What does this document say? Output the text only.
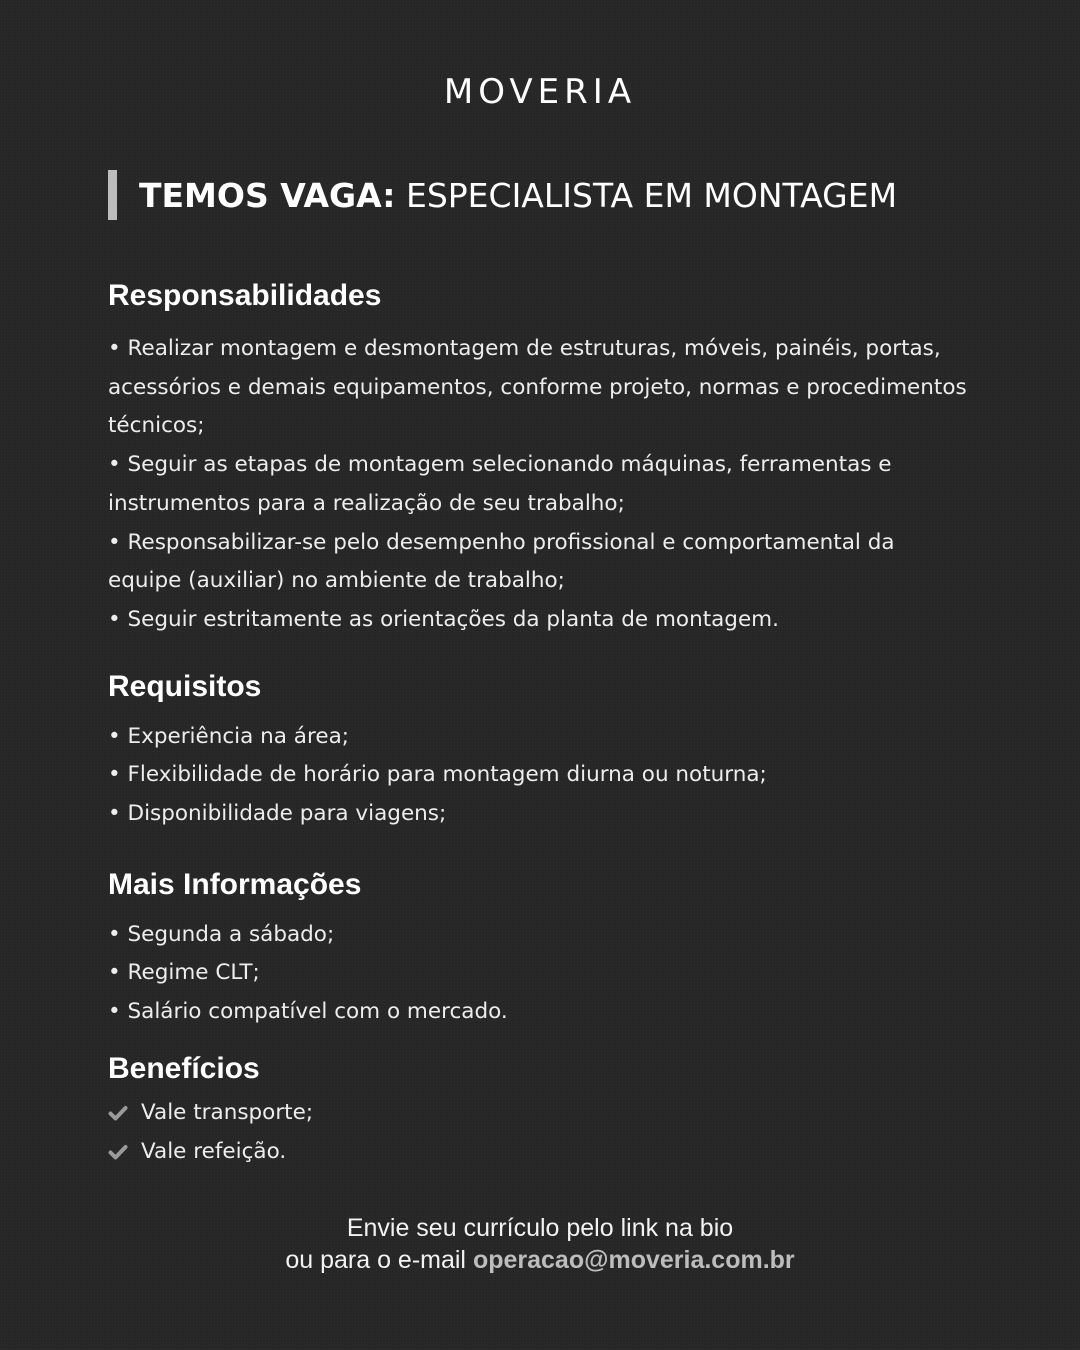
MOVERIA
TEMOS VAGA: ESPECIALISTA EM MONTAGEM
Responsabilidades
• Realizar montagem e desmontagem de estruturas, móveis, painéis, portas, acessórios e demais equipamentos, conforme projeto, normas e procedimentos técnicos;
• Seguir as etapas de montagem selecionando máquinas, ferramentas e instrumentos para a realização de seu trabalho;
• Responsabilizar-se pelo desempenho profissional e comportamental da equipe (auxiliar) no ambiente de trabalho;
• Seguir estritamente as orientações da planta de montagem.
Requisitos
• Experiência na área;
• Flexibilidade de horário para montagem diurna ou noturna;
• Disponibilidade para viagens;
Mais Informações
• Segunda a sábado;
• Regime CLT;
• Salário compatível com o mercado.
Benefícios
Vale transporte;
Vale refeição.
Envie seu currículo pelo link na bio
ou para o e-mail operacao@moveria.com.br
